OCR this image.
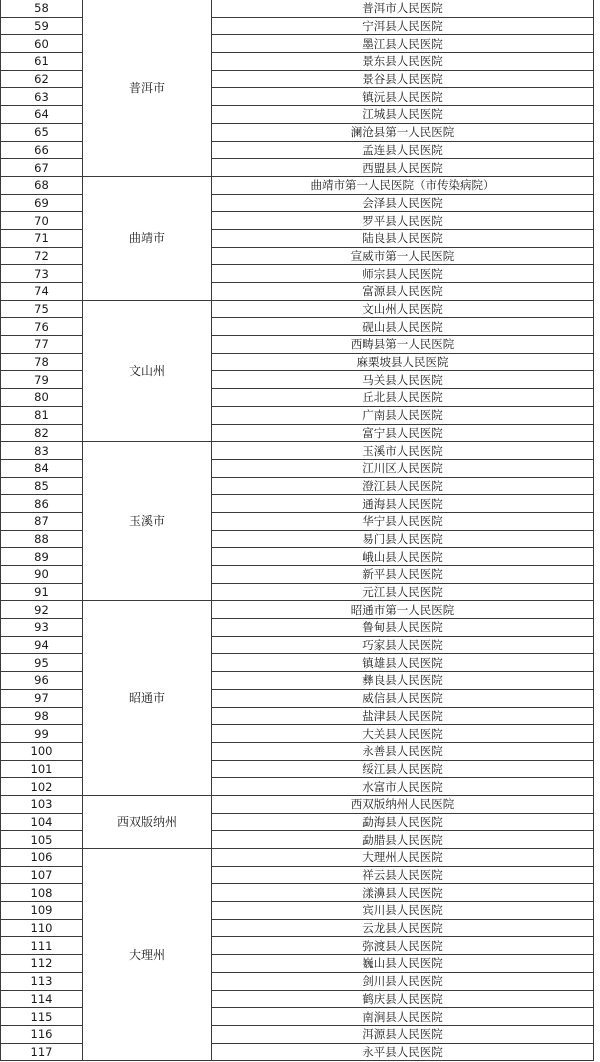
58	普洱市	普洱市人民医院
59		宁洱县人民医院
60		墨江县人民医院
61		景东县人民医院
62		景谷县人民医院
63		镇沅县人民医院
64		江城县人民医院
65		澜沧县第一人民医院
66		孟连县人民医院
67		西盟县人民医院
68	曲靖市	曲靖市第一人民医院（市传染病院）
69		会泽县人民医院
70		罗平县人民医院
71		陆良县人民医院
72		宣威市第一人民医院
73		师宗县人民医院
74		富源县人民医院
75	文山州	文山州人民医院
76		砚山县人民医院
77		西畴县第一人民医院
78		麻栗坡县人民医院
79		马关县人民医院
80		丘北县人民医院
81		广南县人民医院
82		富宁县人民医院
83	玉溪市	玉溪市人民医院
84		江川区人民医院
85		澄江县人民医院
86		通海县人民医院
87		华宁县人民医院
88		易门县人民医院
89		峨山县人民医院
90		新平县人民医院
91		元江县人民医院
92	昭通市	昭通市第一人民医院
93		鲁甸县人民医院
94		巧家县人民医院
95		镇雄县人民医院
96		彝良县人民医院
97		威信县人民医院
98		盐津县人民医院
99		大关县人民医院
100		永善县人民医院
101		绥江县人民医院
102		水富市人民医院
103	西双版纳州	西双版纳州人民医院
104		勐海县人民医院
105		勐腊县人民医院
106	大理州	大理州人民医院
107		祥云县人民医院
108		漾濞县人民医院
109		宾川县人民医院
110		云龙县人民医院
111		弥渡县人民医院
112		巍山县人民医院
113		剑川县人民医院
114		鹤庆县人民医院
115		南涧县人民医院
116		洱源县人民医院
117		永平县人民医院
